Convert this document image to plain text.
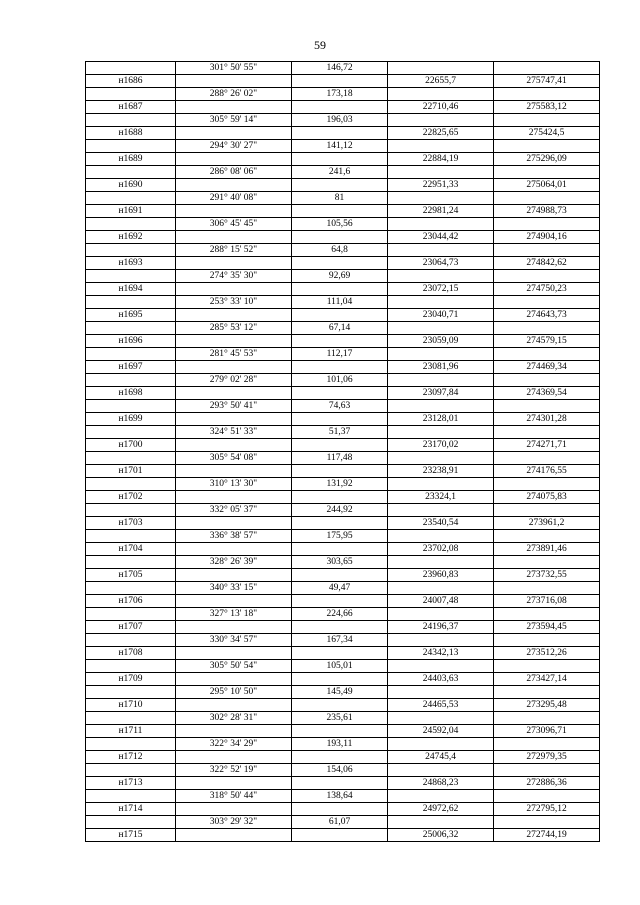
59
	301° 50' 55"	146,72		
н1686			22655,7	275747,41
	288° 26' 02"	173,18		
н1687			22710,46	275583,12
	305° 59' 14"	196,03		
н1688			22825,65	275424,5
	294° 30' 27"	141,12		
н1689			22884,19	275296,09
	286° 08' 06"	241,6		
н1690			22951,33	275064,01
	291° 40' 08"	81		
н1691			22981,24	274988,73
	306° 45' 45"	105,56		
н1692			23044,42	274904,16
	288° 15' 52"	64,8		
н1693			23064,73	274842,62
	274° 35' 30"	92,69		
н1694			23072,15	274750,23
	253° 33' 10"	111,04		
н1695			23040,71	274643,73
	285° 53' 12"	67,14		
н1696			23059,09	274579,15
	281° 45' 53"	112,17		
н1697			23081,96	274469,34
	279° 02' 28"	101,06		
н1698			23097,84	274369,54
	293° 50' 41"	74,63		
н1699			23128,01	274301,28
	324° 51' 33"	51,37		
н1700			23170,02	274271,71
	305° 54' 08"	117,48		
н1701			23238,91	274176,55
	310° 13' 30"	131,92		
н1702			23324,1	274075,83
	332° 05' 37"	244,92		
н1703			23540,54	273961,2
	336° 38' 57"	175,95		
н1704			23702,08	273891,46
	328° 26' 39"	303,65		
н1705			23960,83	273732,55
	340° 33' 15"	49,47		
н1706			24007,48	273716,08
	327° 13' 18"	224,66		
н1707			24196,37	273594,45
	330° 34' 57"	167,34		
н1708			24342,13	273512,26
	305° 50' 54"	105,01		
н1709			24403,63	273427,14
	295° 10' 50"	145,49		
н1710			24465,53	273295,48
	302° 28' 31"	235,61		
н1711			24592,04	273096,71
	322° 34' 29"	193,11		
н1712			24745,4	272979,35
	322° 52' 19"	154,06		
н1713			24868,23	272886,36
	318° 50' 44"	138,64		
н1714			24972,62	272795,12
	303° 29' 32"	61,07		
н1715			25006,32	272744,19
